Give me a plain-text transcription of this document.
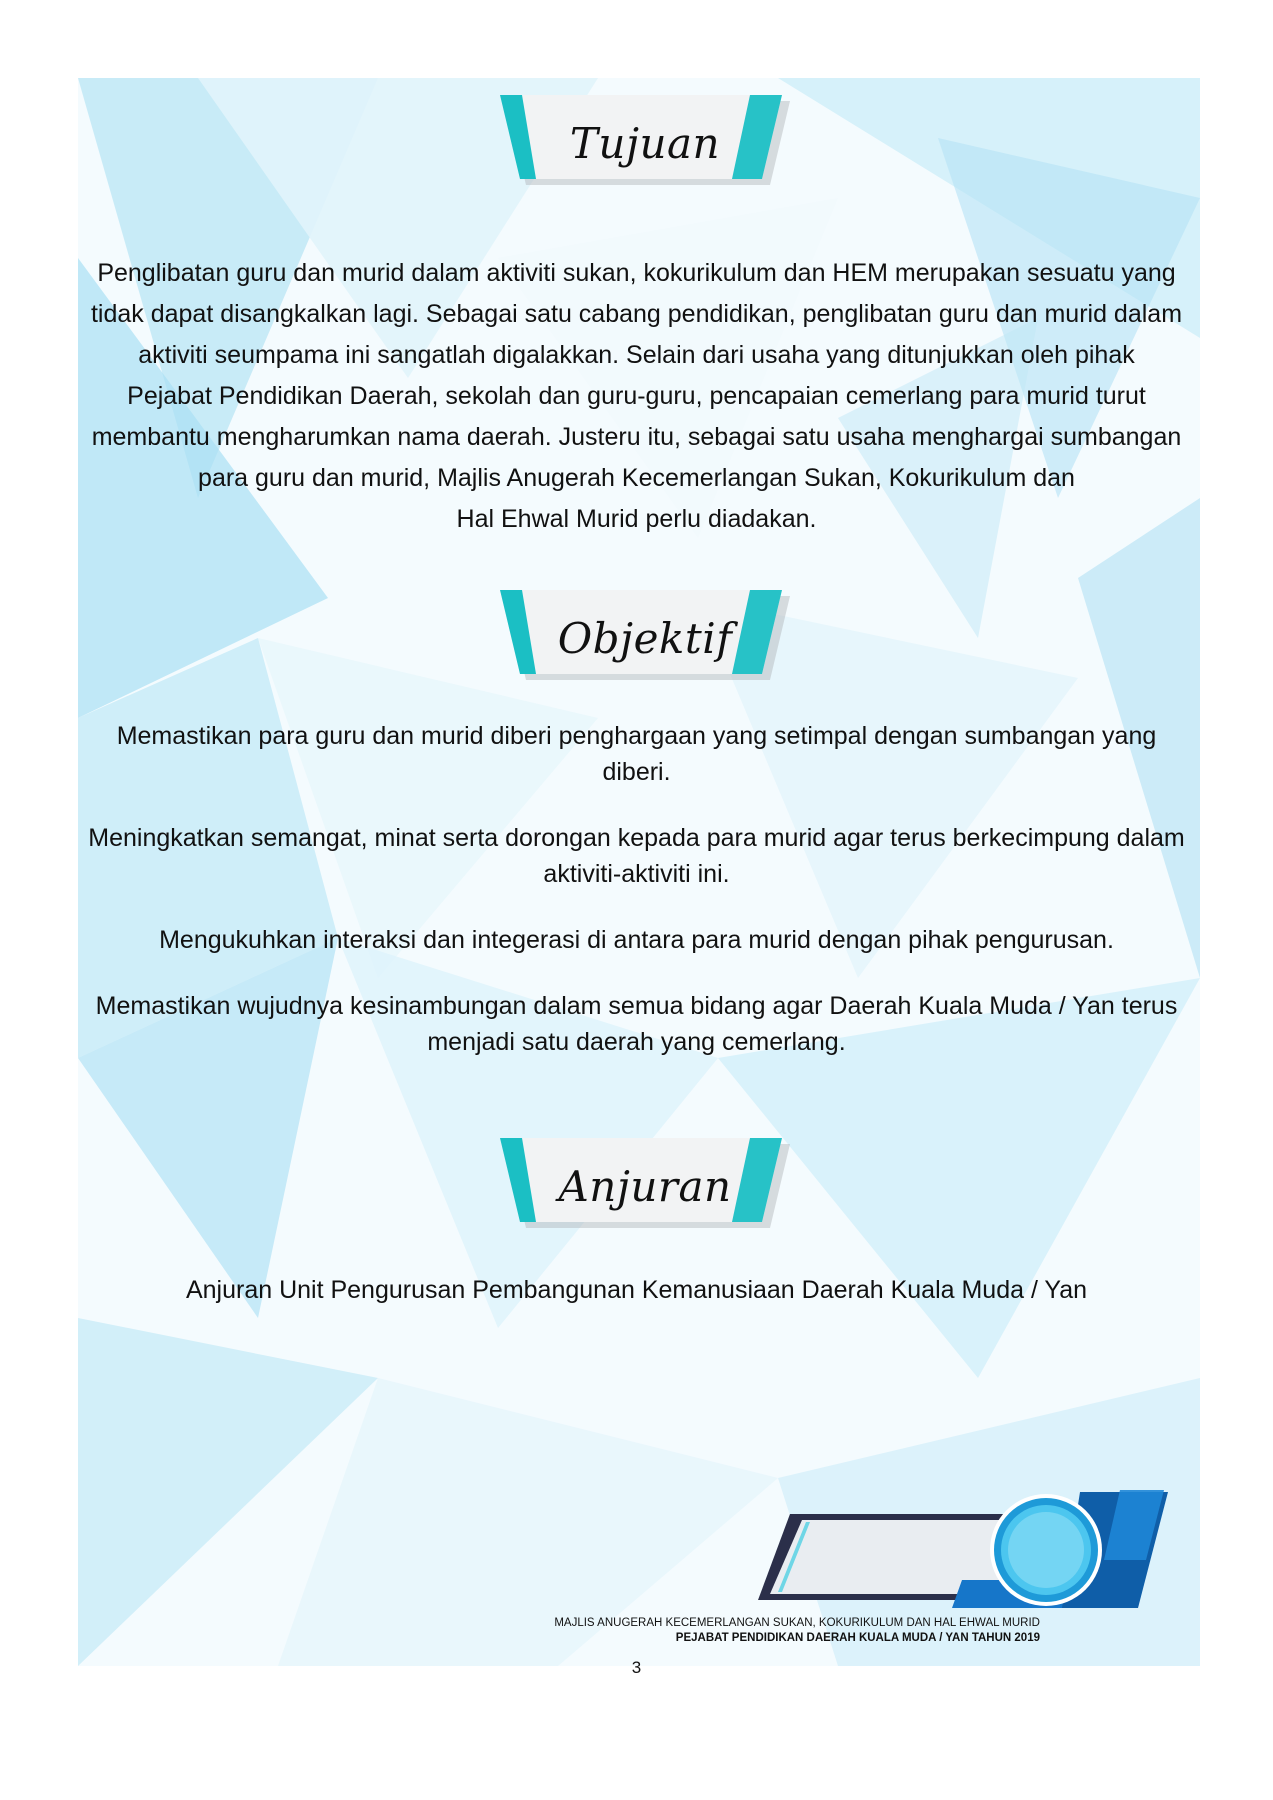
Tujuan
Penglibatan guru dan murid dalam aktiviti sukan, kokurikulum dan HEM merupakan sesuatu yang
tidak dapat disangkalkan lagi. Sebagai satu cabang pendidikan, penglibatan guru dan murid dalam
aktiviti seumpama ini sangatlah digalakkan. Selain dari usaha yang ditunjukkan oleh pihak
Pejabat Pendidikan Daerah, sekolah dan guru-guru, pencapaian cemerlang para murid turut
membantu mengharumkan nama daerah. Justeru itu, sebagai satu usaha menghargai sumbangan
para guru dan murid, Majlis Anugerah Kecemerlangan Sukan, Kokurikulum dan
Hal Ehwal Murid perlu diadakan.
Objektif

Memastikan para guru dan murid diberi penghargaan yang setimpal dengan sumbangan yang diberi.

Meningkatkan semangat, minat serta dorongan kepada para murid agar terus berkecimpung dalam
aktiviti-aktiviti ini.

Mengukuhkan interaksi dan integerasi di antara para murid dengan pihak pengurusan.

Memastikan wujudnya kesinambungan dalam semua bidang agar Daerah Kuala Muda / Yan terus
menjadi satu daerah yang cemerlang.

Anjuran
Anjuran Unit Pengurusan Pembangunan Kemanusiaan Daerah Kuala Muda / Yan
MAJLIS ANUGERAH KECEMERLANGAN SUKAN, KOKURIKULUM DAN HAL EHWAL MURID
PEJABAT PENDIDIKAN DAERAH KUALA MUDA / YAN TAHUN 2019
3
